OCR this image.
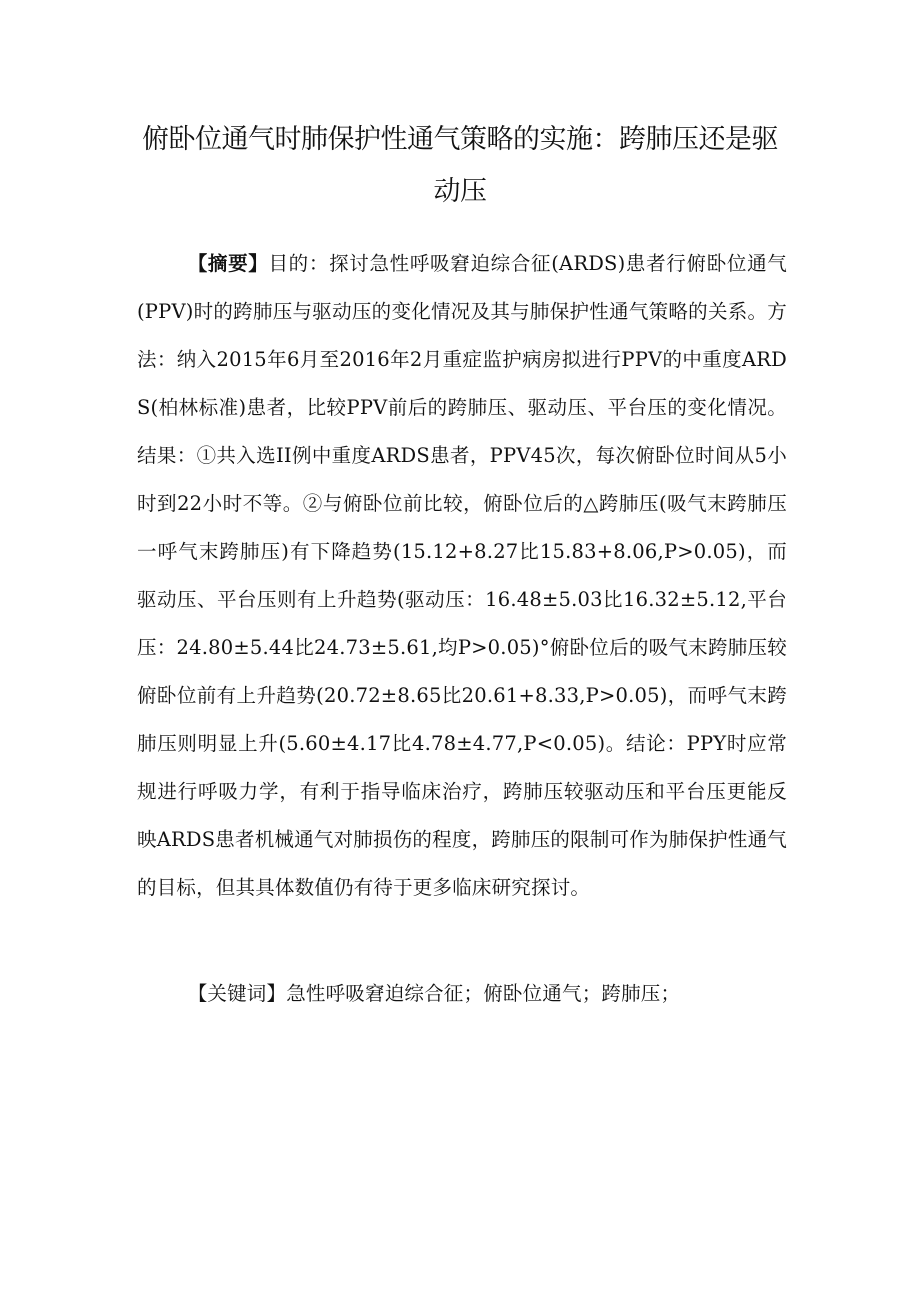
俯卧位通气时肺保护性通气策略的实施：跨肺压还是驱动压
【摘要】目的：探讨急性呼吸窘迫综合征(ARDS)患者行俯卧位通气(PPV)时的跨肺压与驱动压的变化情况及其与肺保护性通气策略的关系。方法：纳入2015年6月至2016年2月重症监护病房拟进行PPV的中重度ARDS(柏林标准)患者，比较PPV前后的跨肺压、驱动压、平台压的变化情况。结果：①共入选II例中重度ARDS患者，PPV45次，每次俯卧位时间从5小时到22小时不等。②与俯卧位前比较，俯卧位后的△跨肺压(吸气末跨肺压一呼气末跨肺压)有下降趋势(15.12+8.27比15.83+8.06,P>0.05)，而驱动压、平台压则有上升趋势(驱动压：16.48±5.03比16.32±5.12,平台压：24.80±5.44比24.73±5.61,均P>0.05)°俯卧位后的吸气末跨肺压较俯卧位前有上升趋势(20.72±8.65比20.61+8.33,P>0.05)，而呼气末跨肺压则明显上升(5.60±4.17比4.78±4.77,P<0.05)。结论：PPY时应常规进行呼吸力学，有利于指导临床治疗，跨肺压较驱动压和平台压更能反映ARDS患者机械通气对肺损伤的程度，跨肺压的限制可作为肺保护性通气的目标，但其具体数值仍有待于更多临床研究探讨。
【关键词】急性呼吸窘迫综合征；俯卧位通气；跨肺压；
